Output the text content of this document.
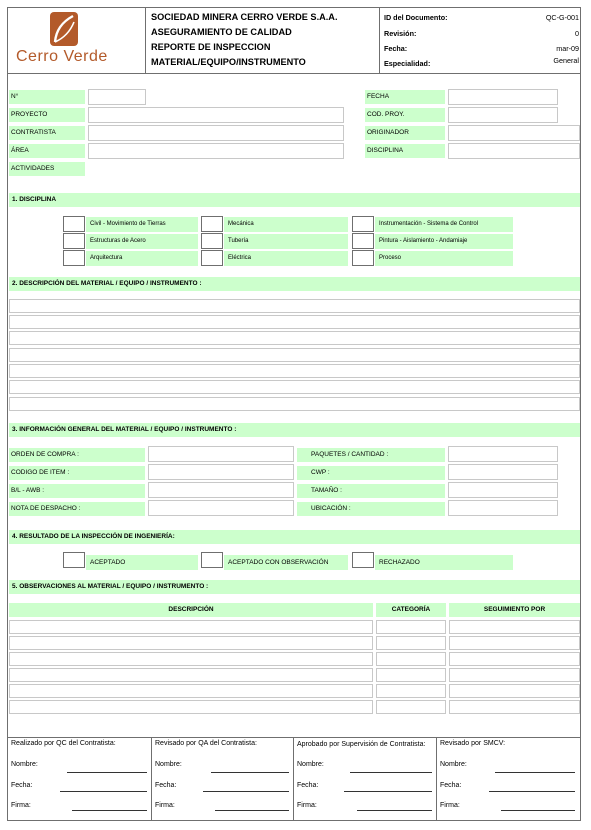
Cerro Verde
SOCIEDAD MINERA CERRO VERDE S.A.A.
ASEGURAMIENTO DE CALIDAD
REPORTE DE INSPECCION
MATERIAL/EQUIPO/INSTRUMENTO
ID del Documento:	QC-G-001
Revisión:	0
Fecha:	mar-09
Especialidad:	General
N°
PROYECTO
CONTRATISTA
ÁREA
ACTIVIDADES
FECHA
COD. PROY.
ORIGINADOR
DISCIPLINA
1. DISCIPLINA
Civil - Movimiento de Tierras
Estructuras de Acero
Arquitectura
Mecánica
Tubería
Eléctrica
Instrumentación - Sistema de Control
Pintura - Aislamiento - Andamiaje
Proceso
2. DESCRIPCIÓN DEL MATERIAL / EQUIPO / INSTRUMENTO :
3. INFORMACIÓN GENERAL DEL MATERIAL / EQUIPO / INSTRUMENTO :
ORDEN DE COMPRA :
CODIGO DE ITEM :
B/L - AWB :
NOTA DE DESPACHO :
PAQUETES / CANTIDAD :
CWP :
TAMAÑO :
UBICACIÓN :
4. RESULTADO DE LA INSPECCIÓN DE INGENIERÍA:
ACEPTADO	ACEPTADO CON OBSERVACIÓN	RECHAZADO
5. OBSERVACIONES AL MATERIAL / EQUIPO / INSTRUMENTO :
DESCRIPCIÓN	CATEGORÍA	SEGUIMIENTO POR
Realizado por QC del Contratista:
Nombre:
Fecha:
Firma:
Revisado por QA del Contratista:
Nombre:
Fecha:
Firma:
Aprobado por Supervisión de Contratista:
Nombre:
Fecha:
Firma:
Revisado por SMCV:
Nombre:
Fecha:
Firma:
